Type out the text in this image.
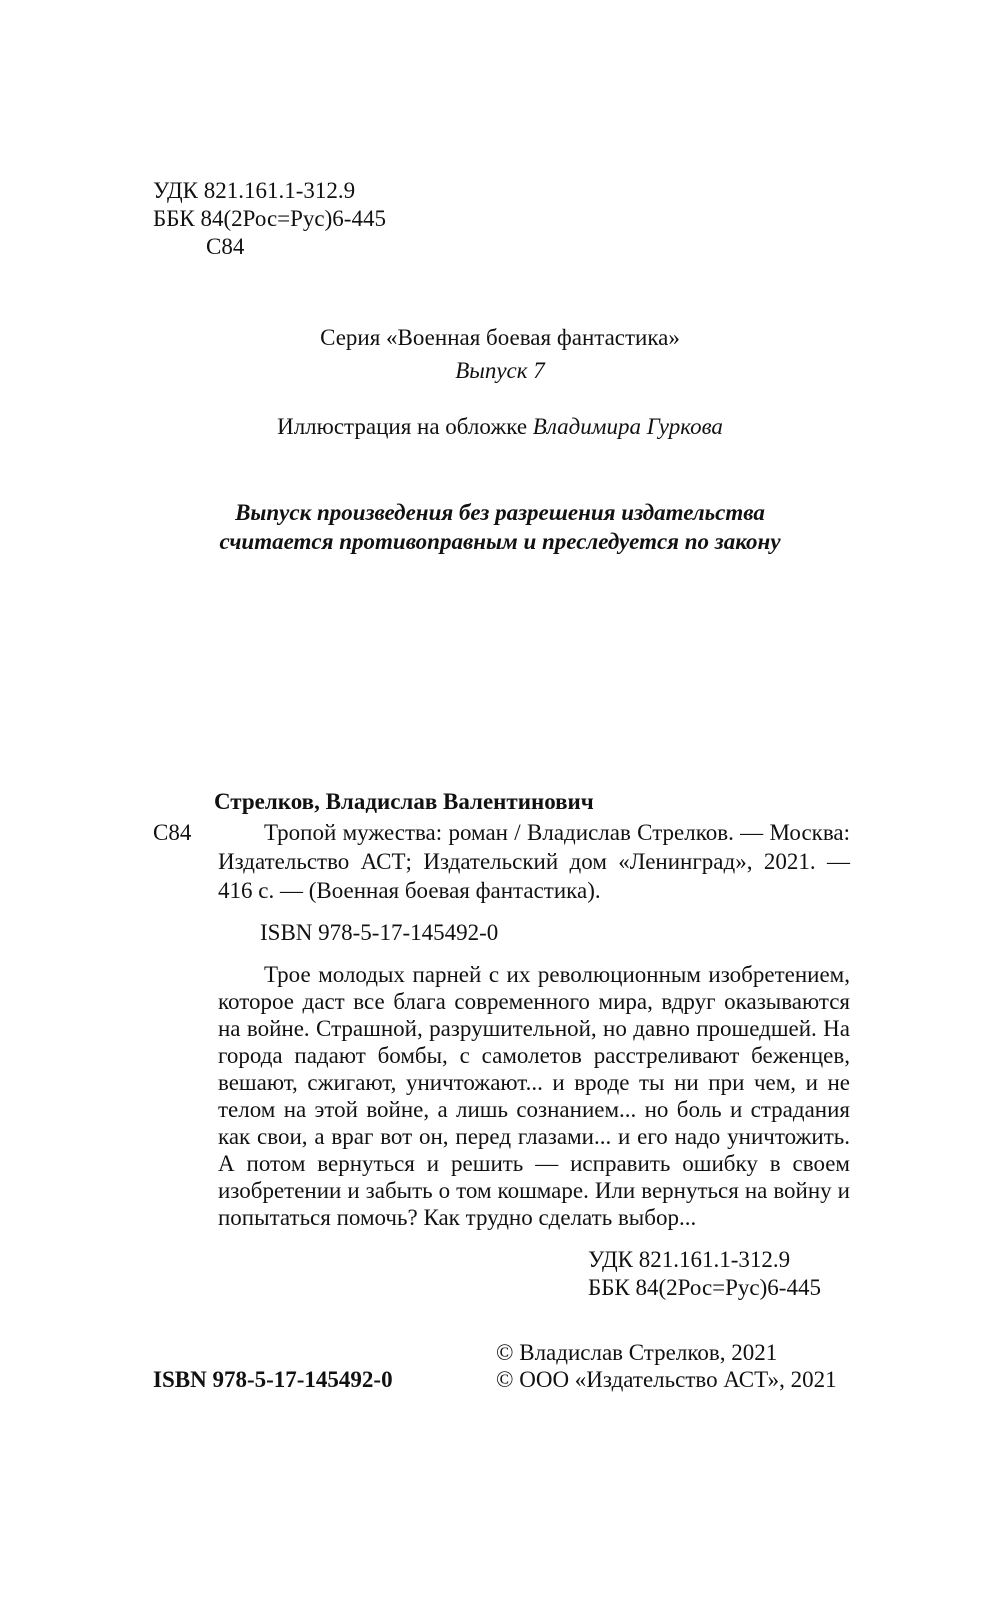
УДК 821.161.1-312.9
ББК 84(2Рос=Рус)6-445
С84
Серия «Военная боевая фантастика»
Выпуск 7
Иллюстрация на обложке Владимира Гуркова
Выпуск произведения без разрешения издательства
считается противоправным и преследуется по закону
Стрелков, Владислав Валентинович
С84	Тропой мужества: роман / Владислав Стрелков. — Москва: Издательство АСТ; Издательский дом «Ленинград», 2021. — 416 с. — (Военная боевая фантастика).
ISBN 978-5-17-145492-0
Трое молодых парней с их революционным изобретением, которое даст все блага современного мира, вдруг оказываются на войне. Страшной, разрушительной, но давно прошедшей. На города падают бомбы, с самолетов расстреливают беженцев, вешают, сжигают, уничтожают... и вроде ты ни при чем, и не телом на этой войне, а лишь сознанием... но боль и страдания как свои, а враг вот он, перед глазами... и его надо уничтожить. А потом вернуться и решить — исправить ошибку в своем изобретении и забыть о том кошмаре. Или вернуться на войну и попытаться помочь? Как трудно сделать выбор...
УДК 821.161.1-312.9
ББК 84(2Рос=Рус)6-445
© Владислав Стрелков, 2021
ISBN 978-5-17-145492-0	© ООО «Издательство АСТ», 2021
